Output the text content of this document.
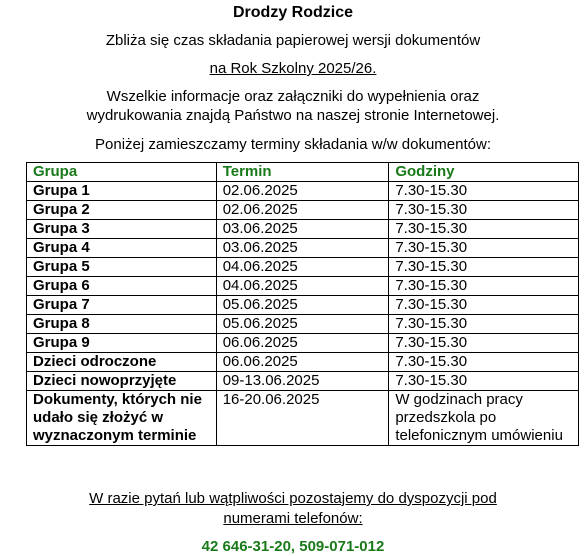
Drodzy Rodzice
Zbliża się czas składania papierowej wersji dokumentów
na Rok Szkolny 2025/26.
Wszelkie informacje oraz załączniki do wypełnienia oraz
wydrukowania znajdą Państwo na naszej stronie Internetowej.
Poniżej zamieszczamy terminy składania w/w dokumentów:
Grupa	Termin	Godziny
Grupa 1	02.06.2025	7.30-15.30
Grupa 2	02.06.2025	7.30-15.30
Grupa 3	03.06.2025	7.30-15.30
Grupa 4	03.06.2025	7.30-15.30
Grupa 5	04.06.2025	7.30-15.30
Grupa 6	04.06.2025	7.30-15.30
Grupa 7	05.06.2025	7.30-15.30
Grupa 8	05.06.2025	7.30-15.30
Grupa 9	06.06.2025	7.30-15.30
Dzieci odroczone	06.06.2025	7.30-15.30
Dzieci nowoprzyjęte	09-13.06.2025	7.30-15.30
Dokumenty, których nie udało się złożyć w wyznaczonym terminie	16-20.06.2025	W godzinach pracy przedszkola po telefonicznym umówieniu
W razie pytań lub wątpliwości pozostajemy do dyspozycji pod
numerami telefonów:
42 646-31-20, 509-071-012
